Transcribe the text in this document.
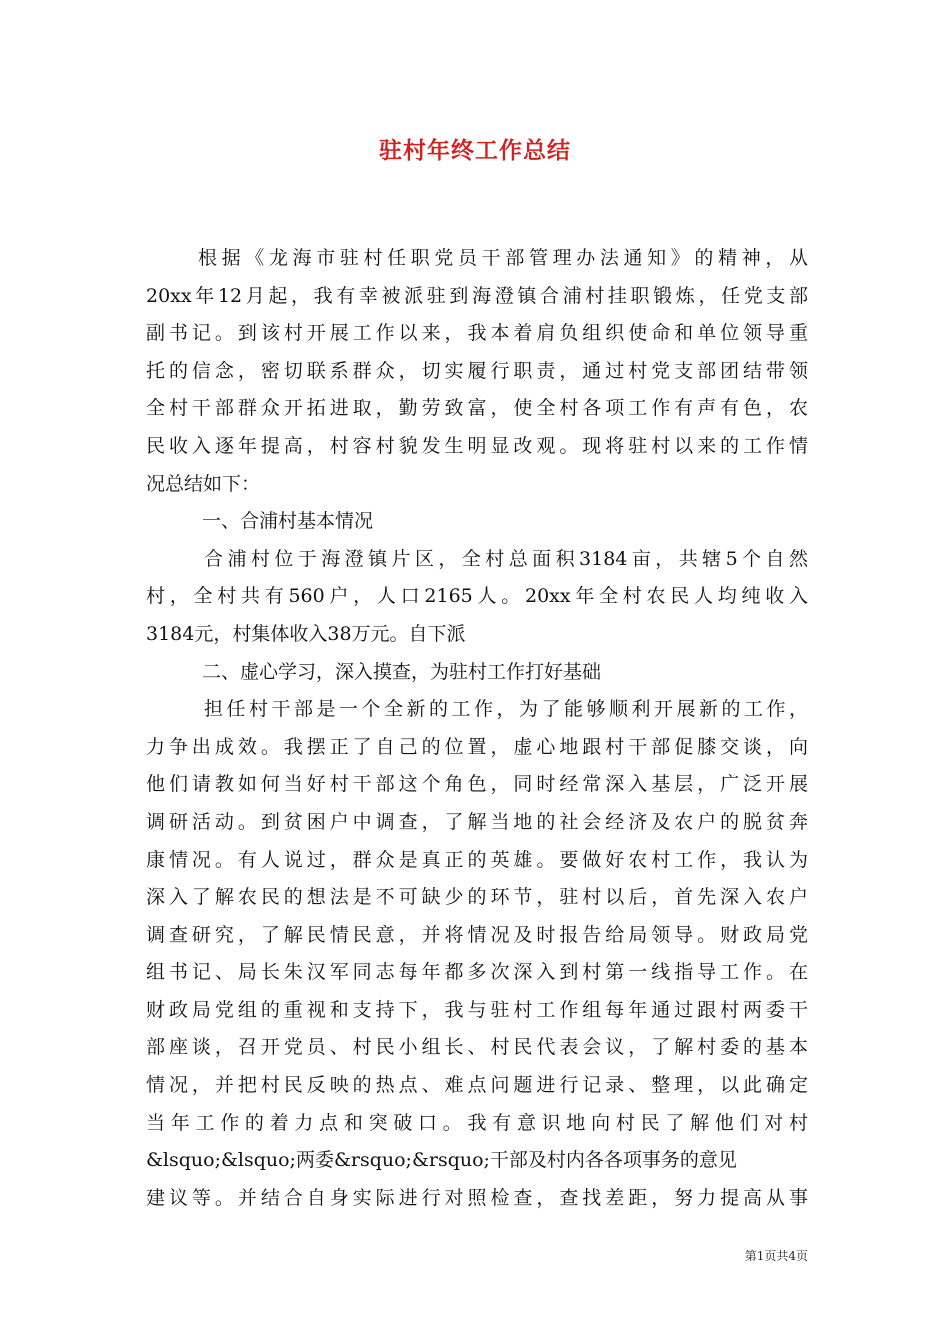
驻村年终工作总结
根据《龙海市驻村任职党员干部管理办法通知》的精神，从
20xx年12月起，我有幸被派驻到海澄镇合浦村挂职锻炼，任党支部
副书记。到该村开展工作以来，我本着肩负组织使命和单位领导重
托的信念，密切联系群众，切实履行职责，通过村党支部团结带领
全村干部群众开拓进取，勤劳致富，使全村各项工作有声有色，农
民收入逐年提高，村容村貌发生明显改观。现将驻村以来的工作情
况总结如下：
一、合浦村基本情况
合浦村位于海澄镇片区，全村总面积3184亩，共辖5个自然
村，全村共有560户，人口2165人。20xx年全村农民人均纯收入
3184元，村集体收入38万元。自下派
二、虚心学习，深入摸查，为驻村工作打好基础
担任村干部是一个全新的工作，为了能够顺利开展新的工作，
力争出成效。我摆正了自己的位置，虚心地跟村干部促膝交谈，向
他们请教如何当好村干部这个角色，同时经常深入基层，广泛开展
调研活动。到贫困户中调查，了解当地的社会经济及农户的脱贫奔
康情况。有人说过，群众是真正的英雄。要做好农村工作，我认为
深入了解农民的想法是不可缺少的环节，驻村以后，首先深入农户
调查研究，了解民情民意，并将情况及时报告给局领导。财政局党
组书记、局长朱汉军同志每年都多次深入到村第一线指导工作。在
财政局党组的重视和支持下，我与驻村工作组每年通过跟村两委干
部座谈，召开党员、村民小组长、村民代表会议，了解村委的基本
情况，并把村民反映的热点、难点问题进行记录、整理，以此确定
当年工作的着力点和突破口。我有意识地向村民了解他们对村
&lsquo;&lsquo;两委&rsquo;&rsquo;干部及村内各各项事务的意见
建议等。并结合自身实际进行对照检查，查找差距，努力提高从事
第1页共4页
